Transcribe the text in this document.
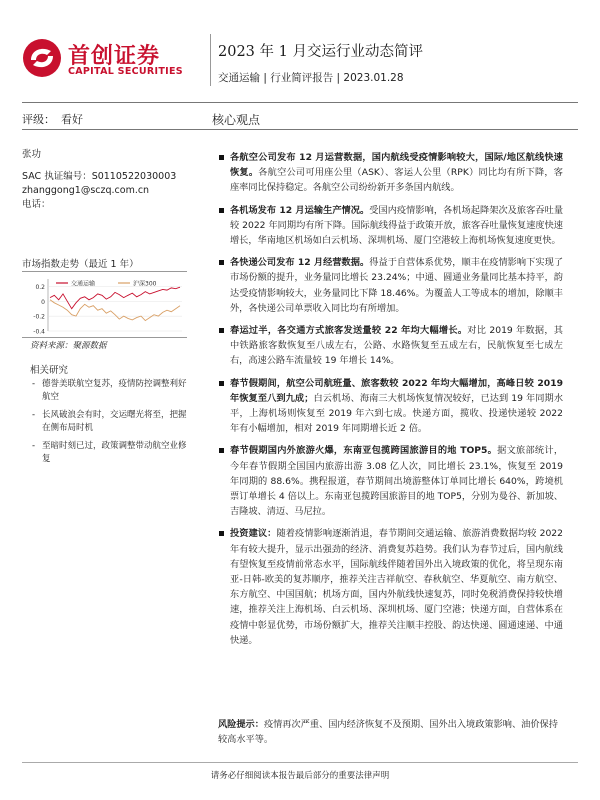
首创证券
CAPITAL SECURITIES
2023 年 1 月交运行业动态简评
交通运输 | 行业简评报告 | 2023.01.28
评级： 看好	核心观点
张功
SAC 执证编号：S0110522030003
zhanggong1@sczq.com.cn
电话：
市场指数走势（最近 1 年）
0.2
0
-0.2
-0.4
交通运输	沪深300
资料来源：聚源数据
相关研究
- 德誉美联航空复苏，疫情防控调整利好航空
- 长风破浪会有时，交运曙光将至，把握在侧布局时机
- 至暗时刻已过，政策调整带动航空业修复
各航空公司发布 12 月运营数据，国内航线受疫情影响较大，国际/地区航线快速恢复。各航空公司可用座公里（ASK）、客运人公里（RPK）同比均有所下降，客座率同比保持稳定。各航空公司纷纷新开多条国内航线。
各机场发布 12 月运输生产情况。受国内疫情影响，各机场起降架次及旅客吞吐量较 2022 年同期均有所下降。国际航线得益于政策开放，旅客吞吐量恢复速度快速增长，华南地区机场如白云机场、深圳机场、厦门空港较上海机场恢复速度更快。
各快递公司发布 12 月经营数据。得益于自营体系优势，顺丰在疫情影响下实现了市场份额的提升，业务量同比增长 23.24%；中通、圆通业务量同比基本持平，韵达受疫情影响较大，业务量同比下降 18.46%。为覆盖人工等成本的增加，除顺丰外，各快递公司单票收入同比均有所增加。
春运过半，各交通方式旅客发送量较 22 年均大幅增长。对比 2019 年数据，其中铁路旅客数恢复至八成左右，公路、水路恢复至五成左右，民航恢复至七成左右，高速公路车流量较 19 年增长 14%。
春节假期间，航空公司航班量、旅客数较 2022 年均大幅增加，高峰日较 2019 年恢复至八到九成；白云机场、海南三大机场恢复情况较好，已达到 19 年同期水平，上海机场则恢复至 2019 年六到七成。快递方面，揽收、投递快递较 2022 年有小幅增加，相对 2019 年同期增长近 2 倍。
春节假期国内外旅游火爆，东南亚包揽跨国旅游目的地 TOP5。据文旅部统计，今年春节假期全国国内旅游出游 3.08 亿人次，同比增长 23.1%，恢复至 2019 年同期的 88.6%。携程报道，春节期间出境游整体订单同比增长 640%，跨境机票订单增长 4 倍以上。东南亚包揽跨国旅游目的地 TOP5，分别为曼谷、新加坡、吉隆坡、清迈、马尼拉。
投资建议：随着疫情影响逐渐消退，春节期间交通运输、旅游消费数据均较 2022 年有较大提升，显示出强劲的经济、消费复苏趋势。我们认为春节过后，国内航线有望恢复至疫情前常态水平，国际航线伴随着国外出入境政策的优化，将呈现东南亚-日韩-欧美的复苏顺序，推荐关注吉祥航空、春秋航空、华夏航空、南方航空、东方航空、中国国航；机场方面，国内外航线快速复苏，同时免税消费保持较快增速，推荐关注上海机场、白云机场、深圳机场、厦门空港；快递方面，自营体系在疫情中彰显优势，市场份额扩大，推荐关注顺丰控股、韵达快递、圆通速递、中通快递。
风险提示：疫情再次严重、国内经济恢复不及预期、国外出入境政策影响、油价保持较高水平等。
请务必仔细阅读本报告最后部分的重要法律声明
